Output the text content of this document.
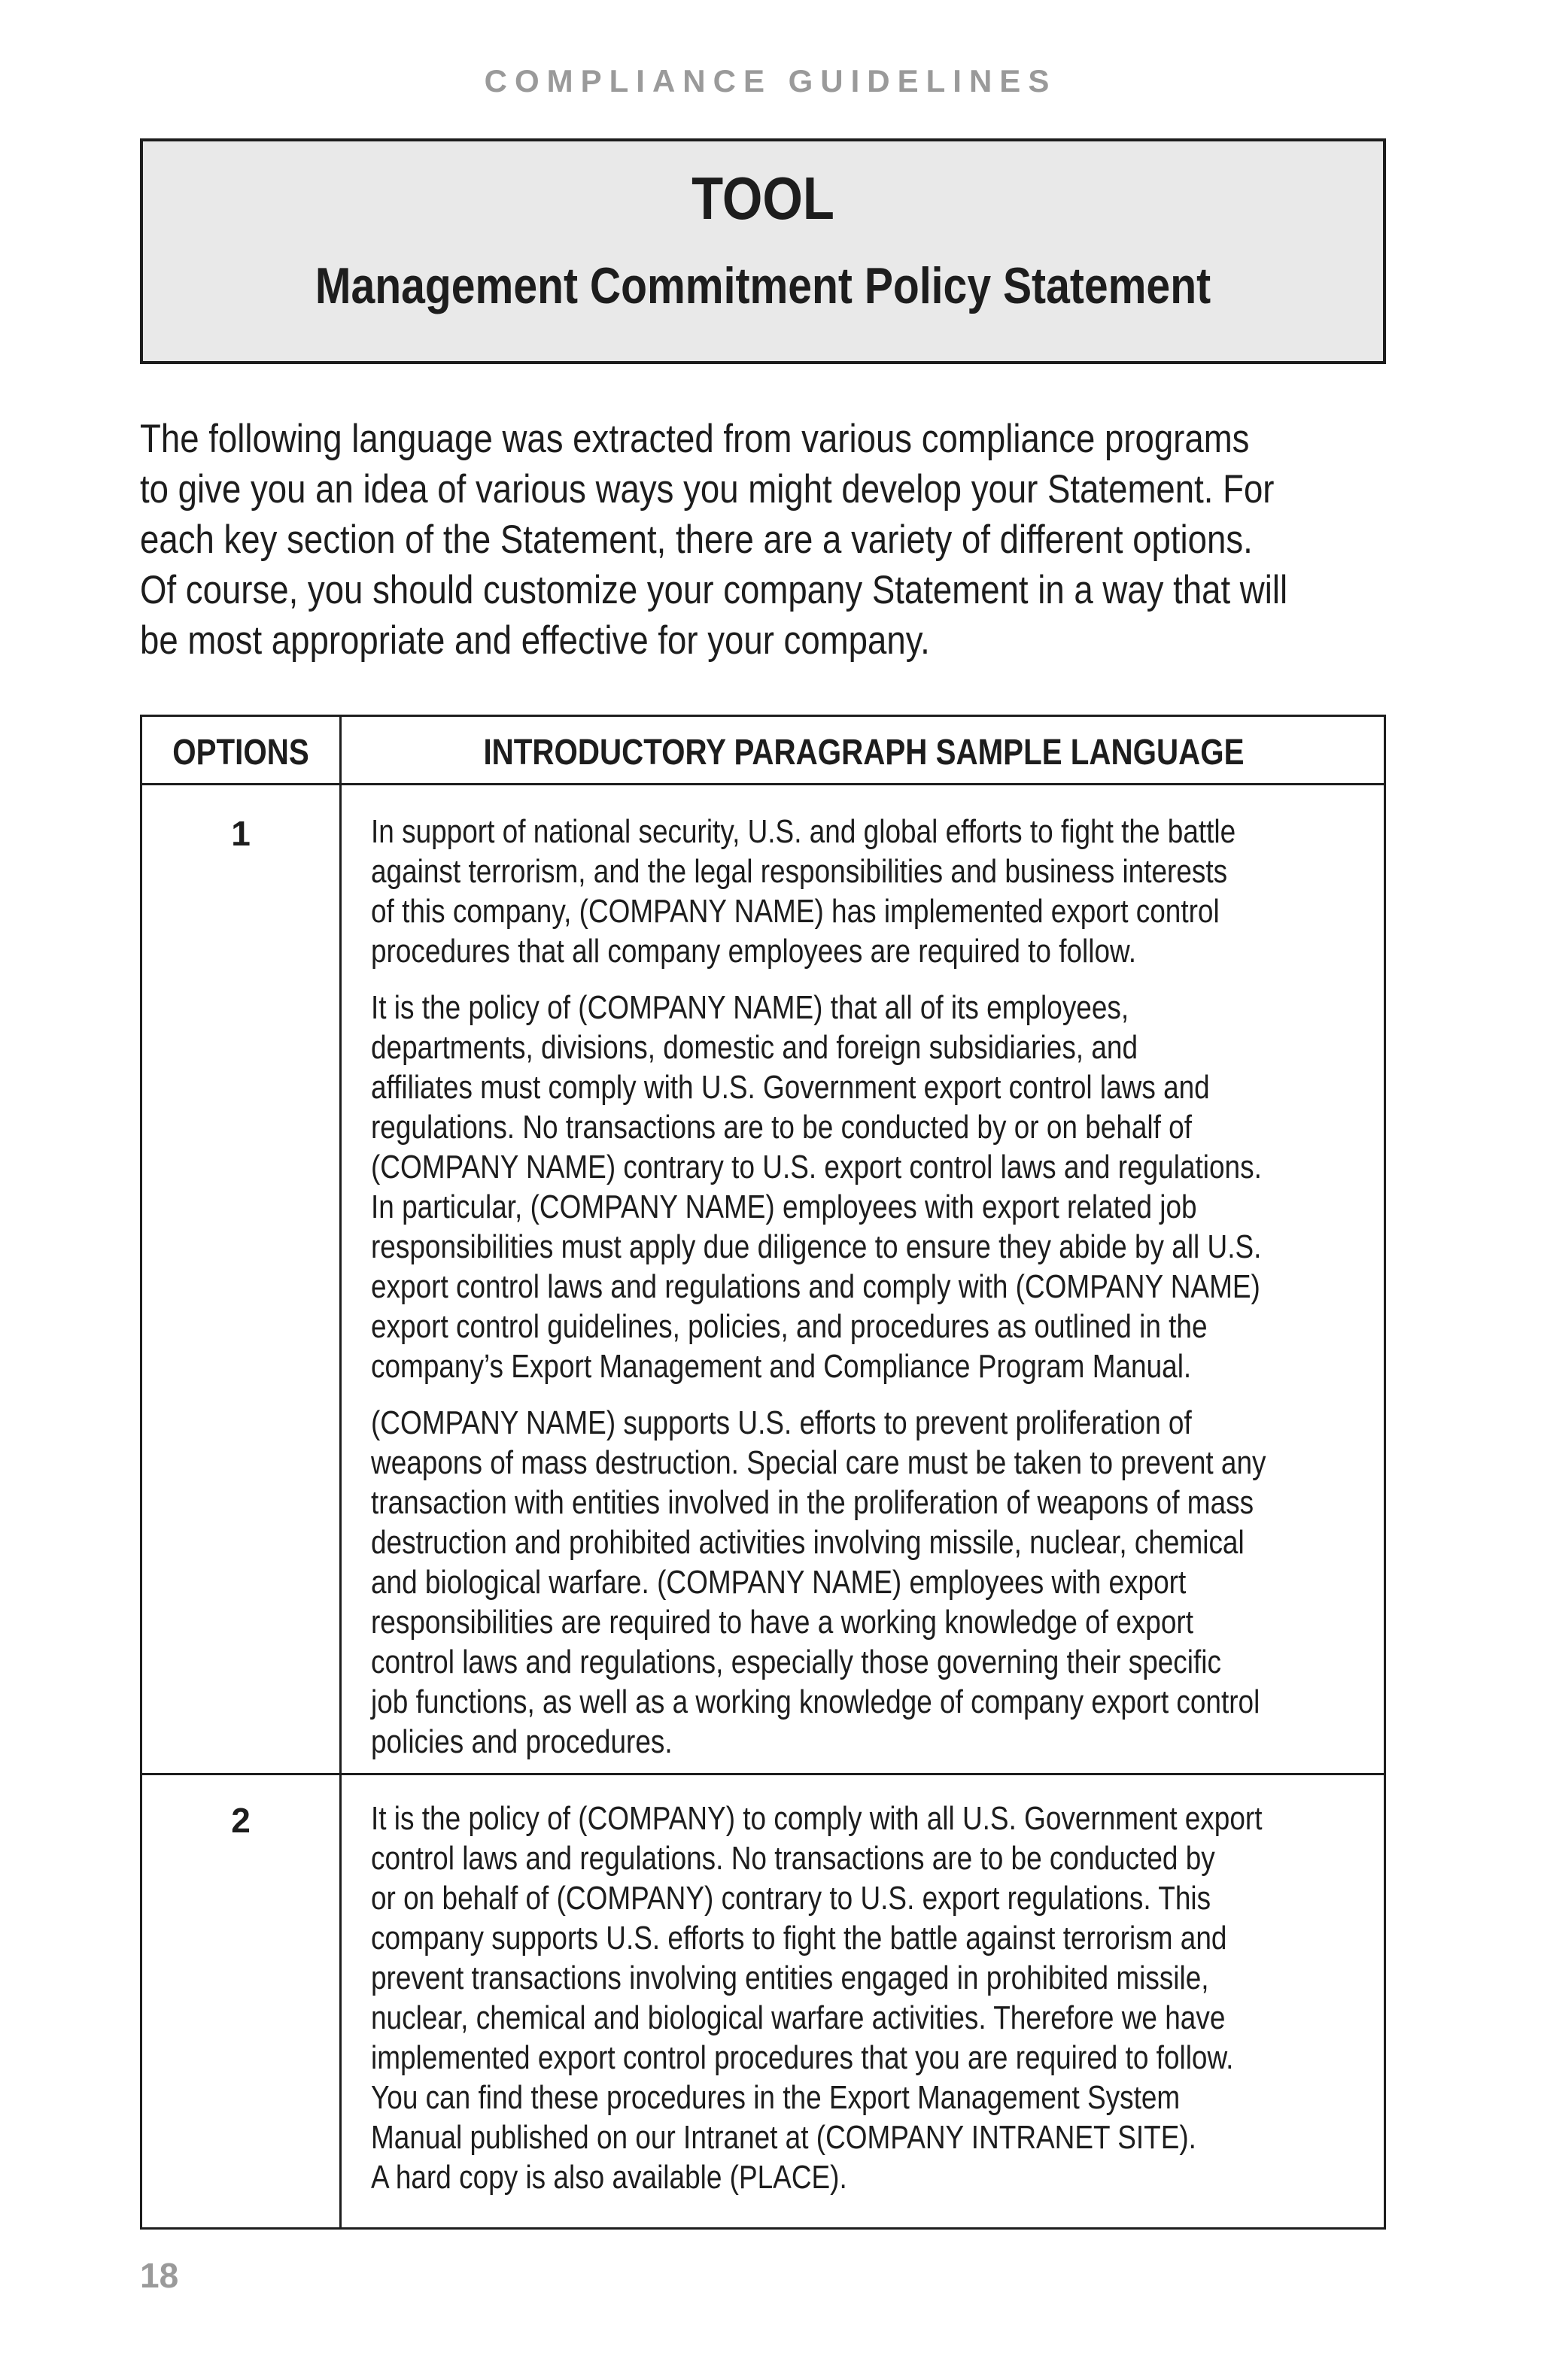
COMPLIANCE GUIDELINES
TOOL
Management Commitment Policy Statement
The following language was extracted from various compliance programs
to give you an idea of various ways you might develop your Statement. For
each key section of the Statement, there are a variety of different options.
Of course, you should customize your company Statement in a way that will
be most appropriate and effective for your company.
OPTIONS	INTRODUCTORY PARAGRAPH SAMPLE LANGUAGE
1	In support of national security, U.S. and global efforts to fight the battle
against terrorism, and the legal responsibilities and business interests
of this company, (COMPANY NAME) has implemented export control
procedures that all company employees are required to follow.
It is the policy of (COMPANY NAME) that all of its employees,
departments, divisions, domestic and foreign subsidiaries, and
affiliates must comply with U.S. Government export control laws and
regulations. No transactions are to be conducted by or on behalf of
(COMPANY NAME) contrary to U.S. export control laws and regulations.
In particular, (COMPANY NAME) employees with export related job
responsibilities must apply due diligence to ensure they abide by all U.S.
export control laws and regulations and comply with (COMPANY NAME)
export control guidelines, policies, and procedures as outlined in the
company’s Export Management and Compliance Program Manual.
(COMPANY NAME) supports U.S. efforts to prevent proliferation of
weapons of mass destruction. Special care must be taken to prevent any
transaction with entities involved in the proliferation of weapons of mass
destruction and prohibited activities involving missile, nuclear, chemical
and biological warfare. (COMPANY NAME) employees with export
responsibilities are required to have a working knowledge of export
control laws and regulations, especially those governing their specific
job functions, as well as a working knowledge of company export control
policies and procedures.
2	It is the policy of (COMPANY) to comply with all U.S. Government export
control laws and regulations. No transactions are to be conducted by
or on behalf of (COMPANY) contrary to U.S. export regulations. This
company supports U.S. efforts to fight the battle against terrorism and
prevent transactions involving entities engaged in prohibited missile,
nuclear, chemical and biological warfare activities. Therefore we have
implemented export control procedures that you are required to follow.
You can find these procedures in the Export Management System
Manual published on our Intranet at (COMPANY INTRANET SITE).
A hard copy is also available (PLACE).
18
